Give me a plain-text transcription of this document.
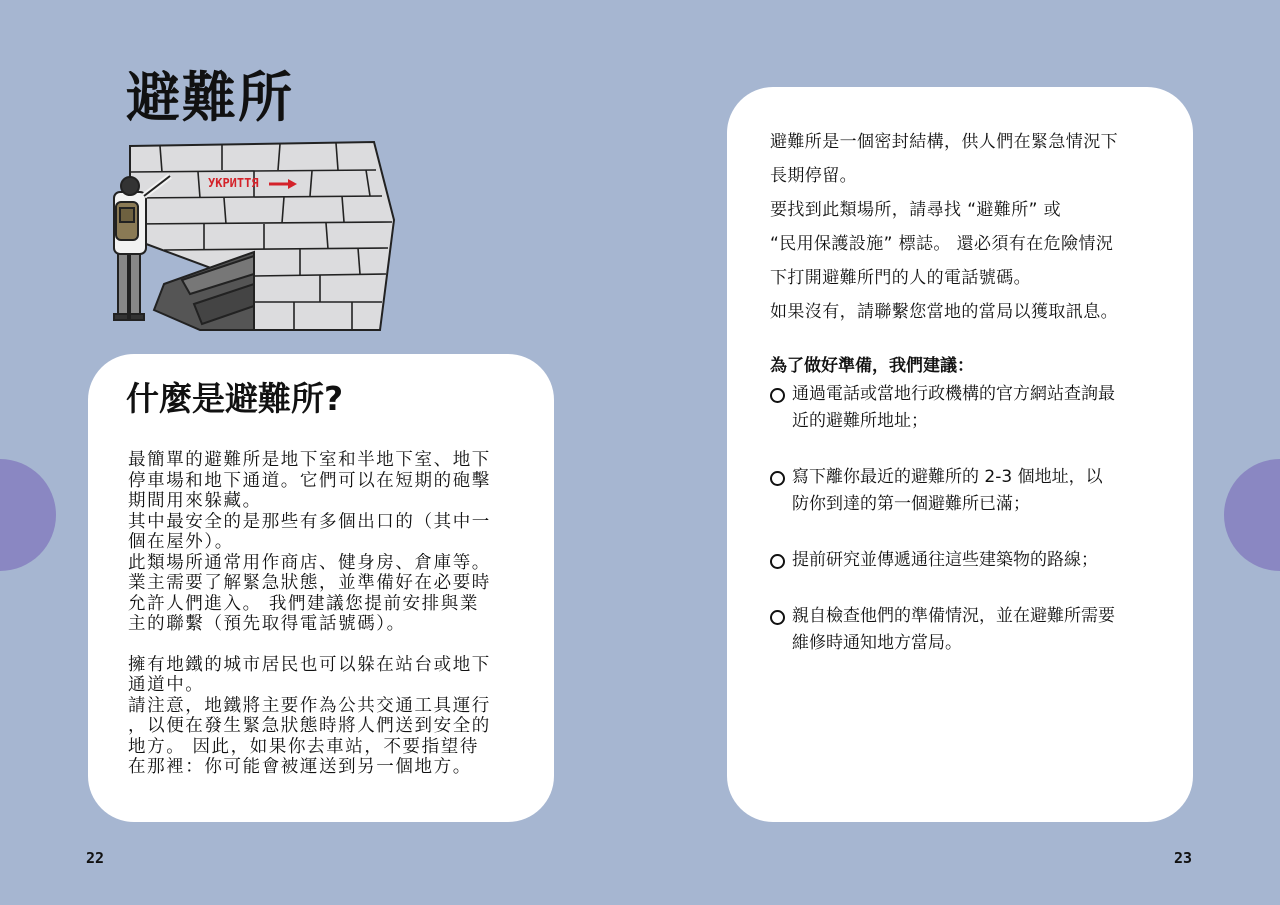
避難所
УКРИТТЯ
什麼是避難所?

最簡單的避難所是地下室和半地下室、地下

停車場和地下通道。它們可以在短期的砲擊

期間用來躲藏。

其中最安全的是那些有多個出口的（其中一

個在屋外）。

此類場所通常用作商店、健身房、倉庫等。

業主需要了解緊急狀態，並準備好在必要時

允許人們進入。 我們建議您提前安排與業

主的聯繫（預先取得電話號碼）。

擁有地鐵的城市居民也可以躲在站台或地下

通道中。

請注意，地鐵將主要作為公共交通工具運行

，以便在發生緊急狀態時將人們送到安全的

地方。 因此，如果你去車站，不要指望待

在那裡：你可能會被運送到另一個地方。

避難所是一個密封結構，供人們在緊急情況下

長期停留。

要找到此類場所，請尋找 “避難所” 或

“民用保護設施” 標誌。 還必須有在危險情況

下打開避難所門的人的電話號碼。

如果沒有，請聯繫您當地的當局以獲取訊息。

為了做好準備，我們建議：
通過電話或當地行政機構的官方網站查詢最
近的避難所地址；
寫下離你最近的避難所的 2-3 個地址，以
防你到達的第一個避難所已滿；
提前研究並傳遞通往這些建築物的路線；
親自檢查他們的準備情況，並在避難所需要
維修時通知地方當局。
22	23
